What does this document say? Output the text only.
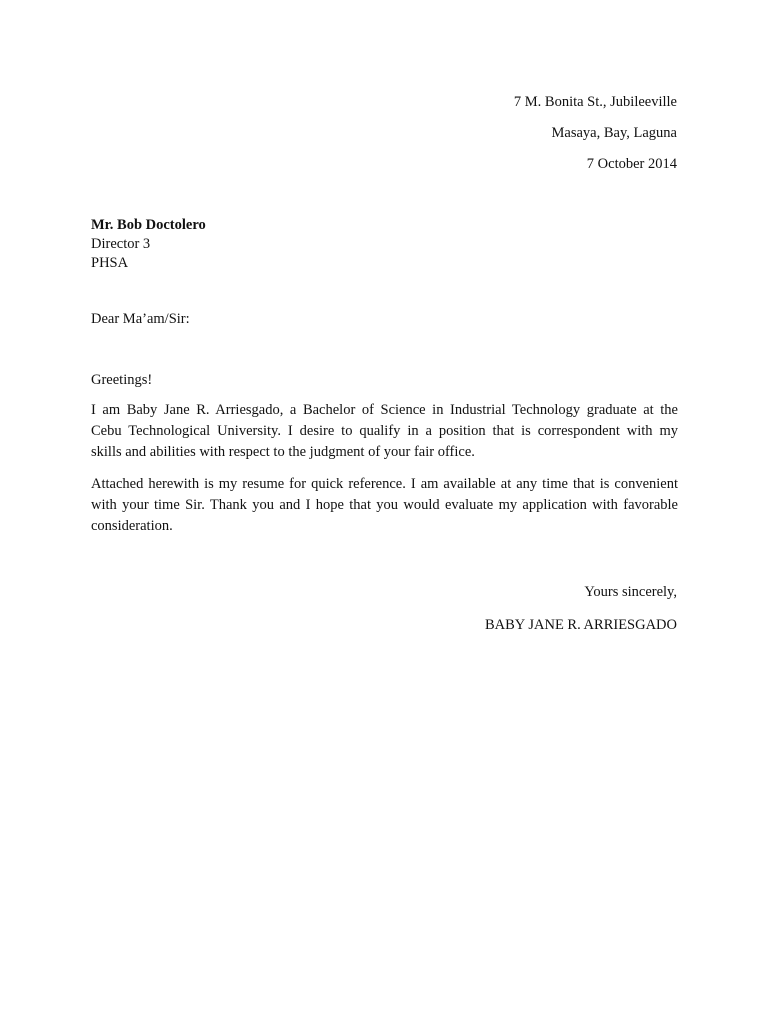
7 M. Bonita St., Jubileeville
Masaya, Bay, Laguna
7 October 2014
Mr. Bob Doctolero
Director 3
PHSA
Dear Ma’am/Sir:
Greetings!
I am Baby Jane R. Arriesgado, a Bachelor of Science in Industrial Technology graduate at the
Cebu Technological University. I desire to qualify in a position that is correspondent with my
skills and abilities with respect to the judgment of your fair office.
Attached herewith is my resume for quick reference. I am available at any time that is convenient
with your time Sir. Thank you and I hope that you would evaluate my application with favorable
consideration.
Yours sincerely,
BABY JANE R. ARRIESGADO
